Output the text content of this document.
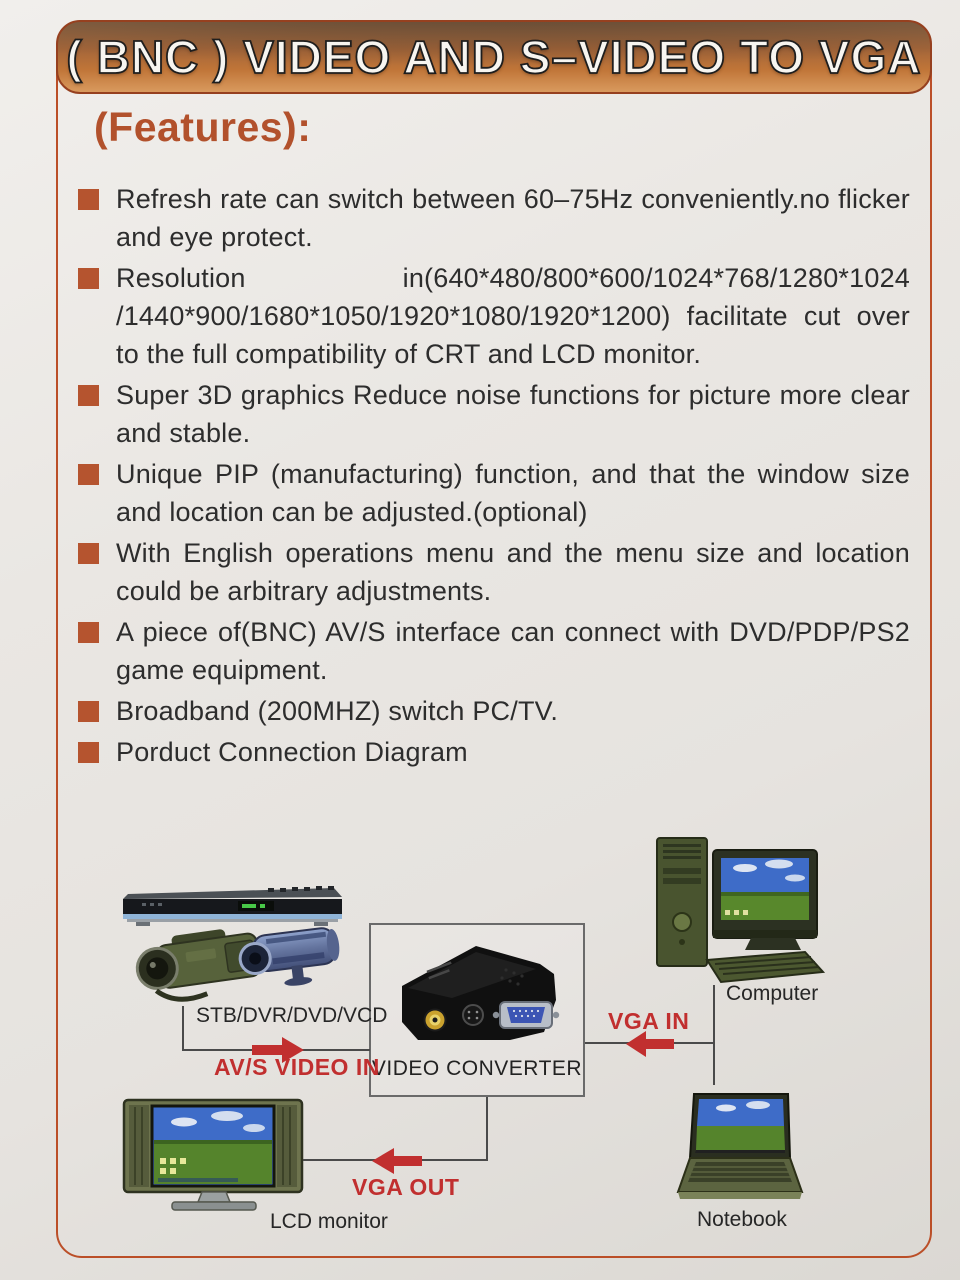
( BNC ) VIDEO AND S–VIDEO TO VGA
(Features):
Refresh rate can switch between 60–75Hz conveniently.no flicker and eye protect.
Resolution in(640*480/800*600/1024*768/1280*1024 /1440*900/1680*1050/1920*1080/1920*1200) facilitate cut over to the full compatibility of CRT and LCD monitor.
Super 3D graphics Reduce noise functions for picture more clear and stable.
Unique PIP (manufacturing) function, and that the window size and location can be adjusted.(optional)
With English operations menu and the menu size and location could be arbitrary adjustments.
A piece of(BNC) AV/S interface can connect with DVD/PDP/PS2 game equipment.
Broadband (200MHZ) switch PC/TV.
Porduct Connection Diagram
VIDEO CONVERTER
Computer
LCD monitor	Notebook
STB/DVR/DVD/VCD
AV/S VIDEO IN
VGA IN
VGA OUT
